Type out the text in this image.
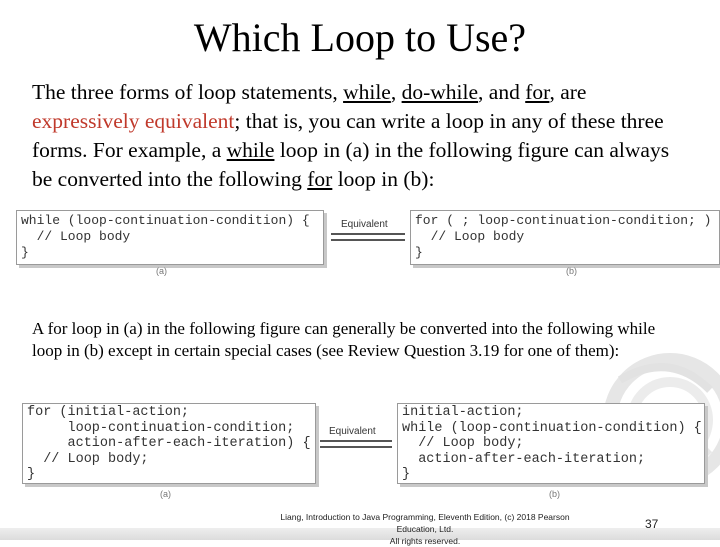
Which Loop to Use?
The three forms of loop statements, while, do-while, and for, are expressively equivalent; that is, you can write a loop in any of these three forms. For example, a while loop in (a) in the following figure can always be converted into the following for loop in (b):
while (loop-continuation-condition) {
// Loop body
}
Equivalent	for ( ; loop-continuation-condition; )
// Loop body
}
(a)	(b)
A for loop in (a) in the following figure can generally be converted into the following while loop in (b) except in certain special cases (see Review Question 3.19 for one of them):
for (initial-action;
loop-continuation-condition;
action-after-each-iteration) {
// Loop body;
}
Equivalent
initial-action;
while (loop-continuation-condition) {
// Loop body;
action-after-each-iteration;
}
(a)	(b)
Liang, Introduction to Java Programming, Eleventh Edition, (c) 2018 Pearson Education, Ltd.
All rights reserved.
37
